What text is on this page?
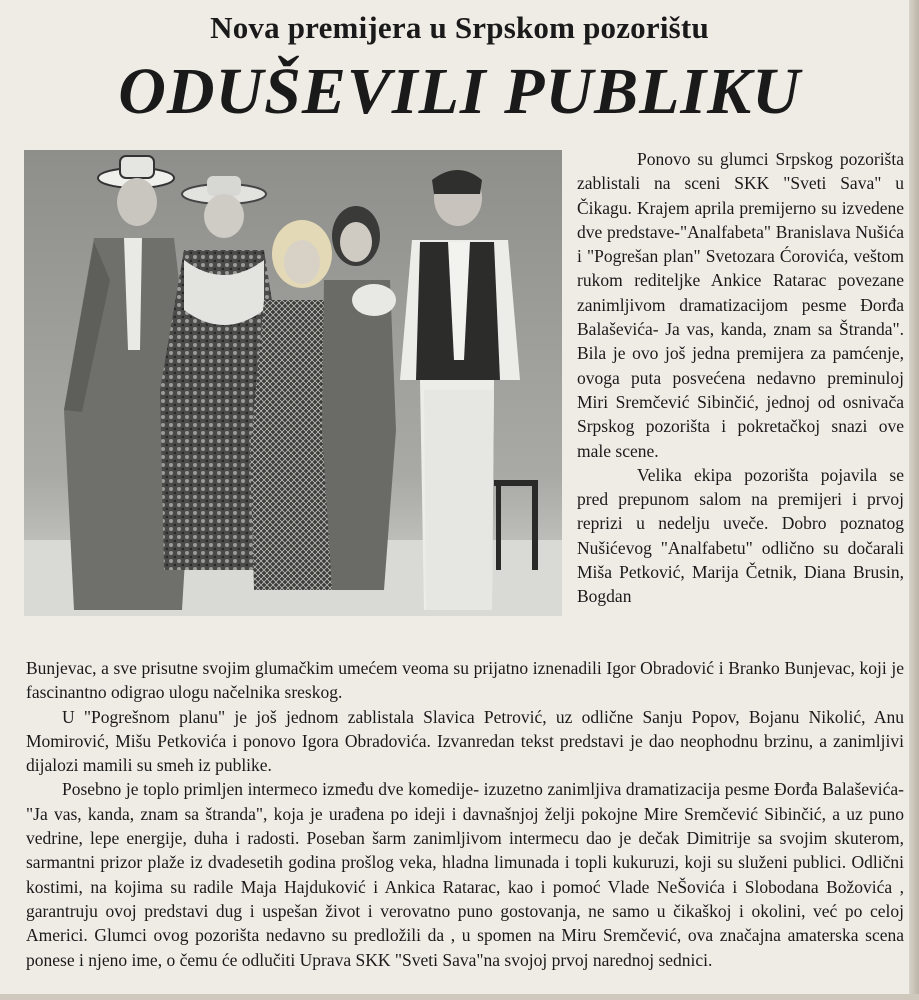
Nova premijera u Srpskom pozorištu
ODUŠEVILI PUBLIKU

Ponovo su glumci Srpskog pozorišta zablistali na sceni SKK "Sveti Sava" u Čikagu. Krajem aprila premijerno su izvedene dve predstave-"Analfabeta" Branislava Nušića i "Pogrešan plan" Svetozara Ćorovića, veštom rukom rediteljke Ankice Ratarac povezane zanimljivom dramatizacijom pesme Đorđa Balaševića- Ja vas, kanda, znam sa Štranda". Bila je ovo još jedna premijera za pamćenje, ovoga puta posvećena nedavno preminuloj Miri Sremčević Sibinčić, jednoj od osnivača Srpskog pozorišta i pokretačkoj snazi ove male scene.

Velika ekipa pozorišta pojavila se pred prepunom salom na premijeri i prvoj reprizi u nedelju uveče. Dobro poznatog Nušićevog "Analfabetu" odlično su dočarali Miša Petković, Marija Četnik, Diana Brusin, Bogdan

Bunjevac, a sve prisutne svojim glumačkim umećem veoma su prijatno iznenadili Igor Obradović i Branko Bunjevac, koji je fascinantno odigrao ulogu načelnika sreskog.

U "Pogrešnom planu" je još jednom zablistala Slavica Petrović, uz odlične Sanju Popov, Bojanu Nikolić, Anu Momirović, Mišu Petkovića i ponovo Igora Obradovića. Izvanredan tekst predstavi je dao neophodnu brzinu, a zanimljivi dijalozi mamili su smeh iz publike.

Posebno je toplo primljen intermeco između dve komedije- izuzetno zanimljiva dramatizacija pesme Đorđa Balaševića- "Ja vas, kanda, znam sa štranda", koja je urađena po ideji i davnašnjoj želji pokojne Mire Sremčević Sibinčić, a uz puno vedrine, lepe energije, duha i radosti. Poseban šarm zanimljivom intermecu dao je dečak Dimitrije sa svojim skuterom, sarmantni prizor plaže iz dvadesetih godina prošlog veka, hladna limunada i topli kukuruzi, koji su služeni publici. Odlični kostimi, na kojima su radile Maja Hajduković i Ankica Ratarac, kao i pomoć Vlade NeŠovića i Slobodana Božovića , garantruju ovoj predstavi dug i uspešan život i verovatno puno gostovanja, ne samo u čikaškoj i okolini, već po celoj Americi. Glumci ovog pozorišta nedavno su predložili da , u spomen na Miru Sremčević, ova značajna amaterska scena ponese i njeno ime, o čemu će odlučiti Uprava SKK "Sveti Sava"na svojoj prvoj narednoj sednici.
